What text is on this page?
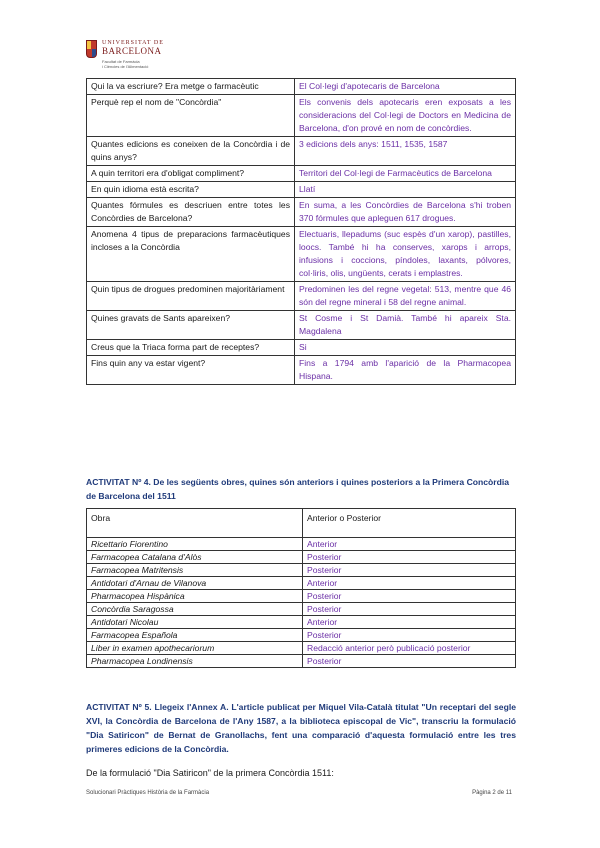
UNIVERSITAT DE
BARCELONA
Facultat de Farmàcia
i Ciències de l'Alimentació
Qui la va escriure? Era metge o farmacèutic	El Col·legi d'apotecaris de Barcelona
Perquè rep el nom de "Concòrdia"	Els convenis dels apotecaris eren exposats a les consideracions del Col·legi de Doctors en Medicina de Barcelona, d'on prové en nom de concòrdies.
Quantes edicions es coneixen de la Concòrdia i de quins anys?	3 edicions dels anys: 1511, 1535, 1587
A quin territori era d'obligat compliment?	Territori del Col·legi de Farmacèutics de Barcelona
En quin idioma està escrita?	Llatí
Quantes fórmules es descriuen entre totes les Concòrdies de Barcelona?	En suma, a les Concòrdies de Barcelona s'hi troben 370 fórmules que apleguen 617 drogues.
Anomena 4 tipus de preparacions farmacèutiques incloses a la Concòrdia	Electuaris, llepadums (suc espès d'un xarop), pastilles, loocs. També hi ha conserves, xarops i arrops, infusions i coccions, píndoles, laxants, pólvores, col·liris, olis, ungüents, cerats i emplastres.
Quin tipus de drogues predominen majoritàriament	Predominen les del regne vegetal: 513, mentre que 46 són del regne mineral i 58 del regne animal.
Quines gravats de Sants apareixen?	St Cosme i St Damià. També hi apareix Sta. Magdalena
Creus que la Triaca forma part de receptes?	Si
Fins quin any va estar vigent?	Fins a 1794 amb l'aparició de la Pharmacopea Hispana.
ACTIVITAT Nº 4. De les següents obres, quines són anteriors i quines posteriors a la Primera Concòrdia de Barcelona del 1511
Obra	Anterior o Posterior
Ricettario Fiorentino	Anterior
Farmacopea Catalana d'Alòs	Posterior
Farmacopea Matritensis	Posterior
Antidotari d'Arnau de Vilanova	Anterior
Pharmacopea Hispànica	Posterior
Concòrdia Saragossa	Posterior
Antidotari Nicolau	Anterior
Farmacopea Española	Posterior
Liber in examen apothecariorum	Redacció anterior però publicació posterior
Pharmacopea Londinensis	Posterior
ACTIVITAT Nº 5. Llegeix l'Annex A. L'article publicat per Miquel Vila-Català titulat "Un receptari del segle XVI, la Concòrdia de Barcelona de l'Any 1587, a la biblioteca episcopal de Vic", transcriu la formulació "Dia Satiricon" de Bernat de Granollachs, fent una comparació d'aquesta formulació entre les tres primeres edicions de la Concòrdia.
De la formulació "Dia Satiricon" de la primera Concòrdia 1511:
Solucionari Pràctiques Història de la Farmàcia	Pàgina 2 de 11
